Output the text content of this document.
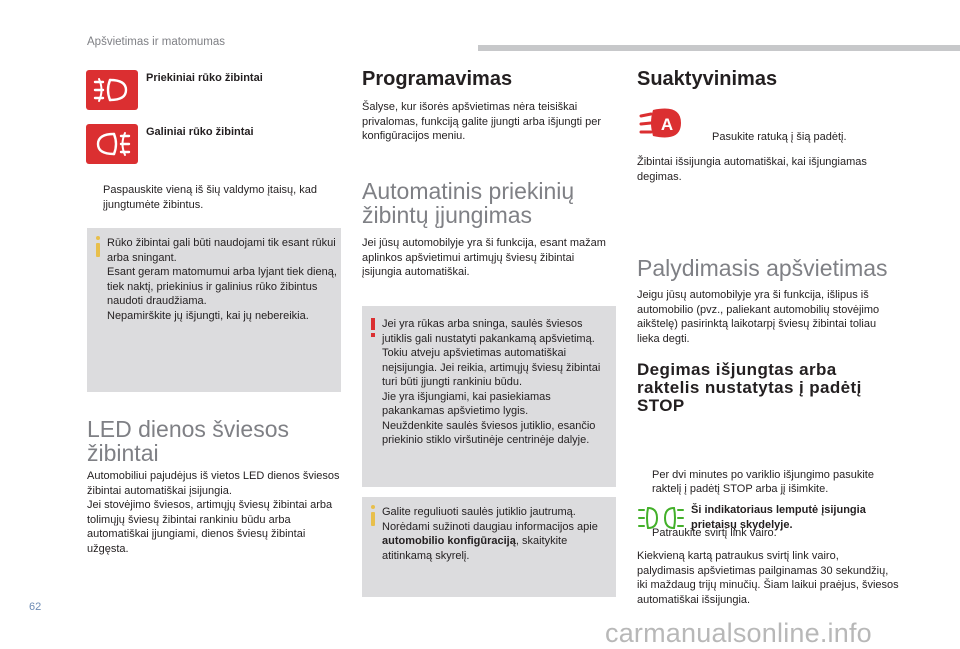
Apšvietimas ir matomumas
Priekiniai rūko žibintai
Galiniai rūko žibintai

Paspauskite vieną iš šių valdymo įtaisų, kad įjungtumėte žibintus.

Rūko žibintai gali būti naudojami tik esant rūkui arba sningant.
Esant geram matomumui arba lyjant tiek dieną, tiek naktį, priekinius ir galinius rūko žibintus naudoti draudžiama.
Nepamirškite jų išjungti, kai jų nebereikia.
LED dienos šviesos
žibintai
Automobiliui pajudėjus iš vietos LED dienos šviesos žibintai automatiškai įsijungia.
Jei stovėjimo šviesos, artimųjų šviesų žibintai arba tolimųjų šviesų žibintai rankiniu būdu arba automatiškai įjungiami, dienos šviesų žibintai užgęsta.
Programavimas
Šalyse, kur išorės apšvietimas nėra teisiškai privalomas, funkciją galite įjungti arba išjungti per konfigūracijos meniu.
Automatinis priekinių
žibintų įjungimas
Jei jūsų automobilyje yra ši funkcija, esant mažam aplinkos apšvietimui artimųjų šviesų žibintai įsijungia automatiškai.
Jei yra rūkas arba sninga, saulės šviesos jutiklis gali nustatyti pakankamą apšvietimą. Tokiu atveju apšvietimas automatiškai neįsijungia. Jei reikia, artimųjų šviesų žibintai turi būti įjungti rankiniu būdu.
Jie yra išjungiami, kai pasiekiamas pakankamas apšvietimo lygis.
Neuždenkite saulės šviesos jutiklio, esančio priekinio stiklo viršutinėje centrinėje dalyje.
Galite reguliuoti saulės jutiklio jautrumą. Norėdami sužinoti daugiau informacijos apie automobilio konfigūraciją, skaitykite atitinkamą skyrelį.
Suaktyvinimas
A

Pasukite ratuką į šią padėtį.

Žibintai išsijungia automatiškai, kai išjungiamas degimas.
Palydimasis apšvietimas
Jeigu jūsų automobilyje yra ši funkcija, išlipus iš automobilio (pvz., paliekant automobilių stovėjimo aikštelę) pasirinktą laikotarpį šviesų žibintai toliau lieka degti.
Degimas išjungtas arba
raktelis nustatytas į padėtį
STOP

Per dvi minutes po variklio išjungimo pasukite raktelį į padėtį STOP arba jį išimkite.

Patraukite svirtį link vairo.

Ši indikatoriaus lemputė įsijungia prietaisų skydelyje.
Kiekvieną kartą patraukus svirtį link vairo, palydimasis apšvietimas pailginamas 30 sekundžių, iki maždaug trijų minučių. Šiam laikui praėjus, šviesos automatiškai išsijungia.
62
carmanualsonline.info
